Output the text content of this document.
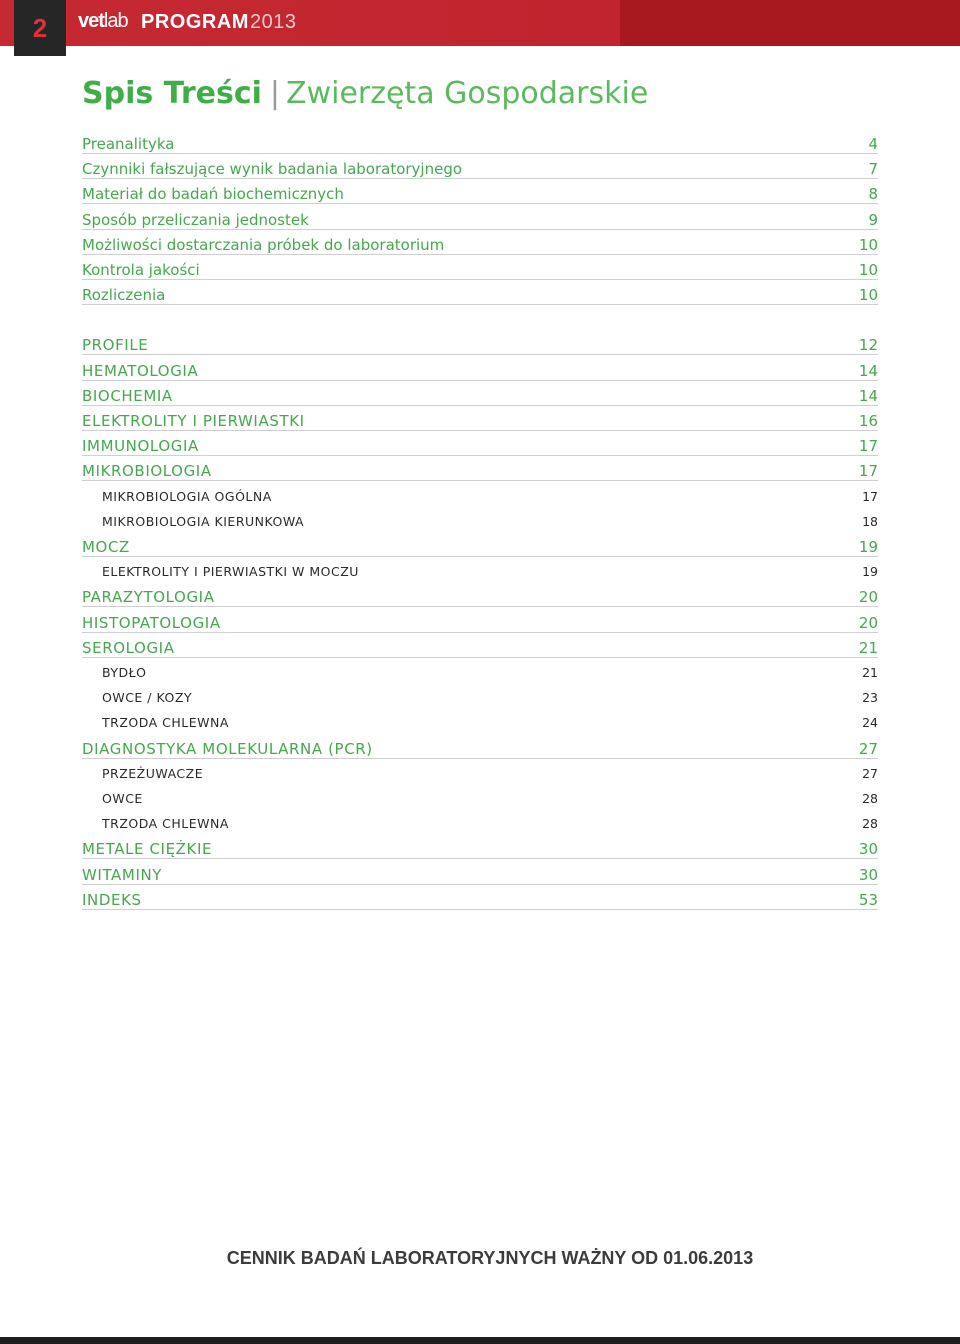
2 vetlab PROGRAM2013
Spis Treści | Zwierzęta Gospodarskie
Preanalityka	4
Czynniki fałszujące wynik badania laboratoryjnego	7
Materiał do badań biochemicznych	8
Sposób przeliczania jednostek	9
Możliwości dostarczania próbek do laboratorium	10
Kontrola jakości	10
Rozliczenia	10
PROFILE	12
HEMATOLOGIA	14
BIOCHEMIA	14
ELEKTROLITY I PIERWIASTKI	16
IMMUNOLOGIA	17
MIKROBIOLOGIA	17
MIKROBIOLOGIA OGÓLNA	17
MIKROBIOLOGIA KIERUNKOWA	18
MOCZ	19
ELEKTROLITY I PIERWIASTKI W MOCZU	19
PARAZYTOLOGIA	20
HISTOPATOLOGIA	20
SEROLOGIA	21
BYDŁO	21
OWCE / KOZY	23
TRZODA CHLEWNA	24
DIAGNOSTYKA MOLEKULARNA (PCR)	27
PRZEŻUWACZE	27
OWCE	28
TRZODA CHLEWNA	28
METALE CIĘŻKIE	30
WITAMINY	30
INDEKS	53
CENNIK BADAŃ LABORATORYJNYCH WAŻNY OD 01.06.2013
